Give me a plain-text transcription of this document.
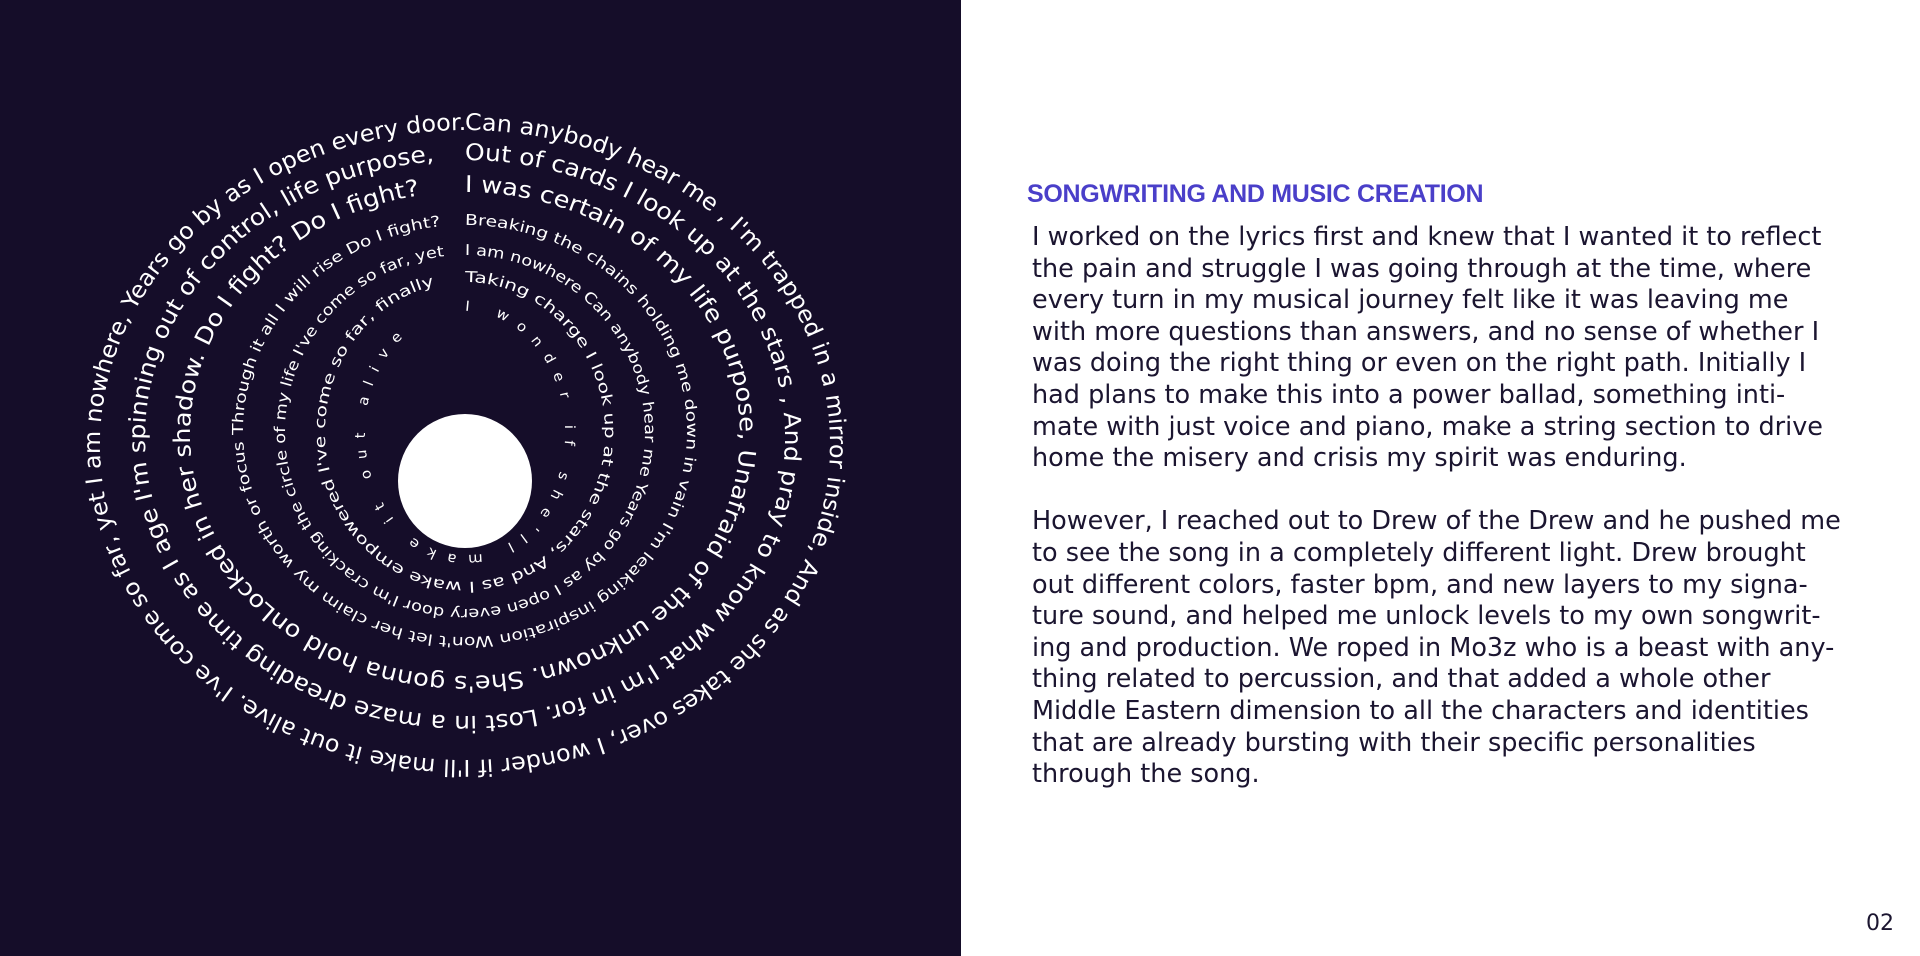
Can anybody hear me , I'm trapped in a mirror inside, And as she takes over, I wonder if I'll make it out alive. I've come so far, yet I am nowhere, Years go by as I open every door.
Out of cards I look up at the stars , And pray to know what I'm in for. Lost in a maze dreading time as I age I'm spinning out of control, life purpose,
I was certain of my life purpose, Unafraid of the unknown. She's gonna hold onLocked in her shadow. Do I fight? Do I fight?
Breaking the chains holding me down in vain I'm leaking inspiration Won't let her claim my worth or focus Through it all I will rise Do I fight?
I am nowhere Can anybody hear me Years go by as I open every door I'm cracking the circle of my life I've come so far, yet
Taking charge I look up at the stars, And as I wake empowered I've come so far, finally
I wonder if she'll make it out alive
SONGWRITING AND MUSIC CREATION

I worked on the lyrics first and knew that I wanted it to reflect
the pain and struggle I was going through at the time, where
every turn in my musical journey felt like it was leaving me
with more questions than answers, and no sense of whether I
was doing the right thing or even on the right path. Initially I
had plans to make this into a power ballad, something inti-
mate with just voice and piano, make a string section to drive
home the misery and crisis my spirit was enduring.

However, I reached out to Drew of the Drew and he pushed me
to see the song in a completely different light. Drew brought
out different colors, faster bpm, and new layers to my signa-
ture sound, and helped me unlock levels to my own songwrit-
ing and production. We roped in Mo3z who is a beast with any-
thing related to percussion, and that added a whole other
Middle Eastern dimension to all the characters and identities
that are already bursting with their specific personalities
through the song.

02
